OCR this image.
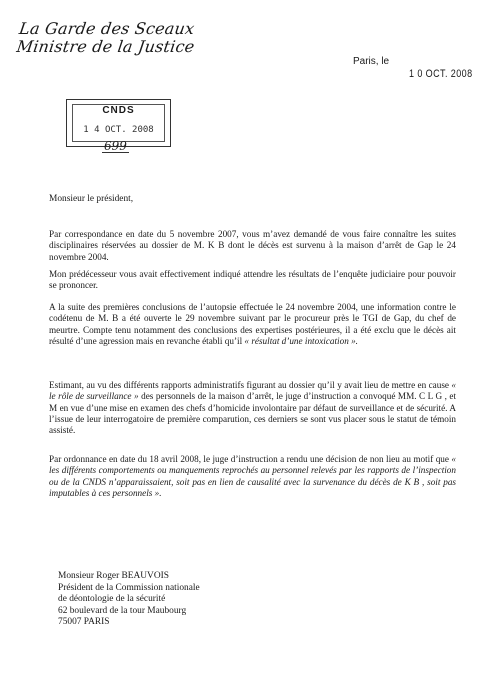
La Garde des Sceaux
Ministre de la Justice
Paris, le
1 0 OCT. 2008
CNDS
1 4 OCT. 2008
699
Monsieur le président,

Par correspondance en date du 5 novembre 2007, vous m’avez demandé de vous faire connaître les suites disciplinaires réservées au dossier de M. K B dont le décès est survenu à la maison d’arrêt de Gap le 24 novembre 2004.

Mon prédécesseur vous avait effectivement indiqué attendre les résultats de l’enquête judiciaire pour pouvoir se prononcer.

A la suite des premières conclusions de l’autopsie effectuée le 24 novembre 2004, une information contre le codétenu de M. B a été ouverte le 29 novembre suivant par le procureur près le TGI de Gap, du chef de meurtre. Compte tenu notamment des conclusions des expertises postérieures, il a été exclu que le décès ait résulté d’une agression mais en revanche établi qu’il « résultat d’une intoxication ».

Estimant, au vu des différents rapports administratifs figurant au dossier qu’il y avait lieu de mettre en cause « le rôle de surveillance » des personnels de la maison d’arrêt, le juge d’instruction a convoqué MM. C L G , et M en vue d’une mise en examen des chefs d’homicide involontaire par défaut de surveillance et de sécurité. A l’issue de leur interrogatoire de première comparution, ces derniers se sont vus placer sous le statut de témoin assisté.

Par ordonnance en date du 18 avril 2008, le juge d’instruction a rendu une décision de non lieu au motif que « les différents comportements ou manquements reprochés au personnel relevés par les rapports de l’inspection ou de la CNDS n’apparaissaient, soit pas en lien de causalité avec la survenance du décès de K B , soit pas imputables à ces personnels ».

Monsieur Roger BEAUVOIS
Président de la Commission nationale
de déontologie de la sécurité
62 boulevard de la tour Maubourg
75007 PARIS
